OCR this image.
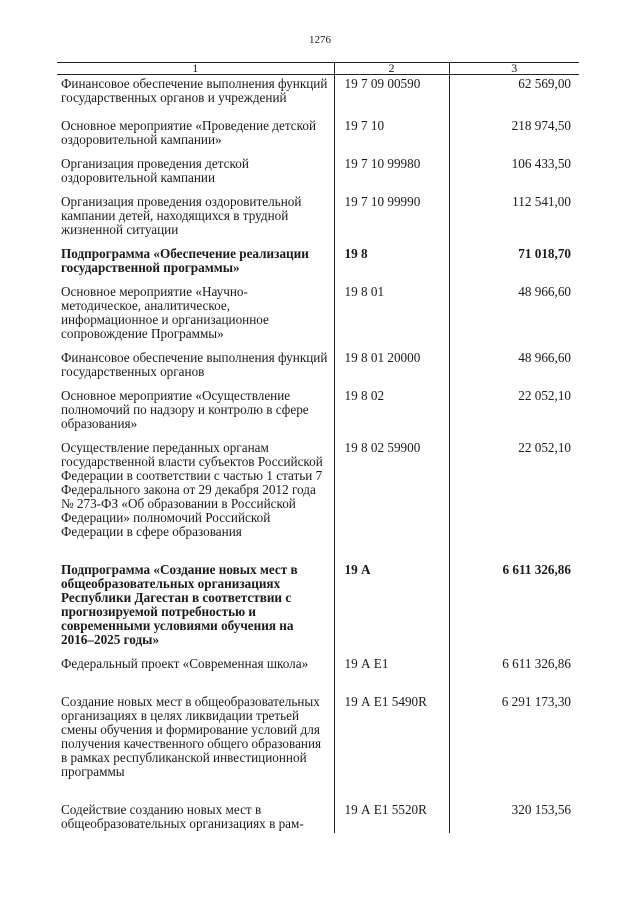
1276
1	2	3
Финансовое обеспечение выполнения функций государственных органов и учреждений	19 7 09 00590	62 569,00
Основное мероприятие «Проведение детской оздоровительной кампании»	19 7 10	218 974,50
Организация проведения детской оздоровительной кампании	19 7 10 99980	106 433,50
Организация проведения оздоровительной кампании детей, находящихся в трудной жизненной ситуации	19 7 10 99990	112 541,00
Подпрограмма «Обеспечение реализации государственной программы»	19 8	71 018,70
Основное мероприятие «Научно-методическое, аналитическое, информационное и организационное сопровождение Программы»	19 8 01	48 966,60
Финансовое обеспечение выполнения функций государственных органов	19 8 01 20000	48 966,60
Основное мероприятие «Осуществление полномочий по надзору и контролю в сфере образования»	19 8 02	22 052,10
Осуществление переданных органам государственной власти субъектов Российской Федерации в соответствии с частью 1 статьи 7 Федерального закона от 29 декабря 2012 года № 273-ФЗ «Об образовании в Российской Федерации» полномочий Российской Федерации в сфере образования	19 8 02 59900	22 052,10
Подпрограмма «Создание новых мест в общеобразовательных организациях Республики Дагестан в соответствии с прогнозируемой потребностью и современными условиями обучения на 2016–2025 годы»	19 А	6 611 326,86
Федеральный проект «Современная школа»	19 А Е1	6 611 326,86
Создание новых мест в общеобразовательных организациях в целях ликвидации третьей смены обучения и формирование условий для получения качественного общего образования в рамках республиканской инвестиционной программы	19 А Е1 5490R	6 291 173,30
Содействие созданию новых мест в общеобразовательных организациях в рам-	19 А Е1 5520R	320 153,56
